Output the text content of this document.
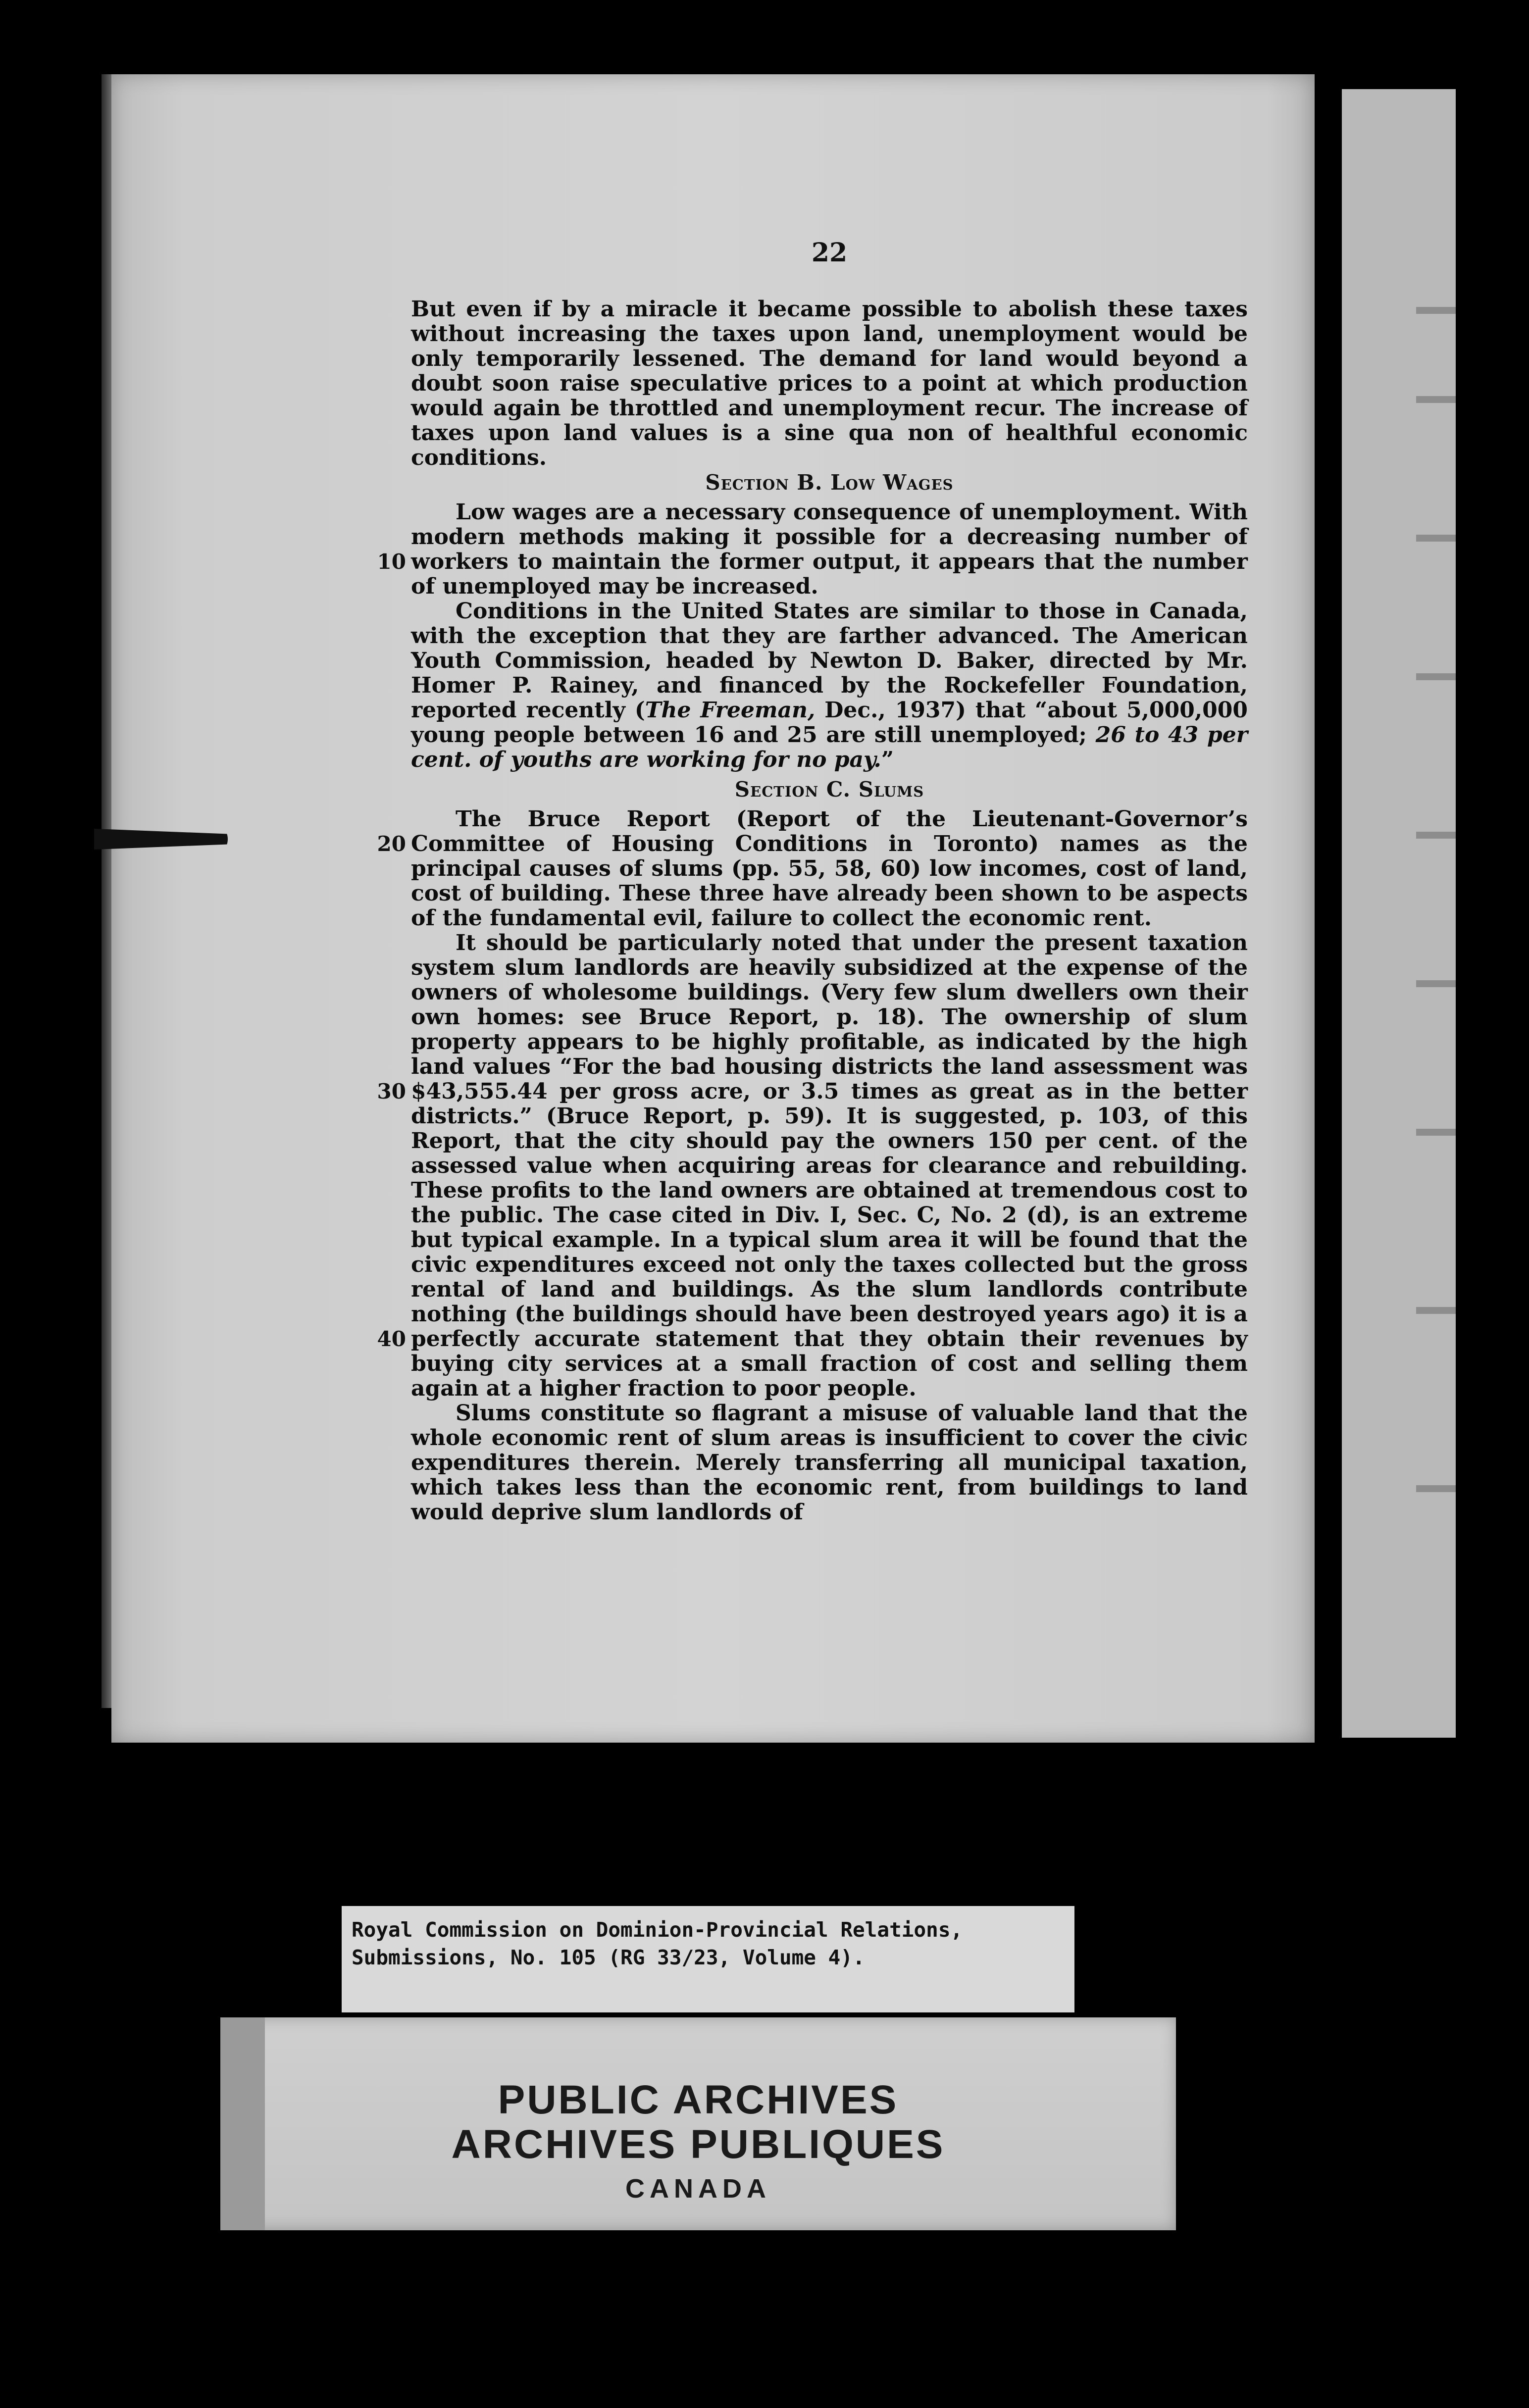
22

But even if by a miracle it became possible to abolish these taxes without increasing the taxes upon land, unemployment would be only temporarily lessened. The demand for land would beyond a doubt soon raise speculative prices to a point at which production would again be throttled and unemployment recur. The increase of taxes upon land values is a sine qua non of healthful economic conditions.

Section B. Low Wages

Low wages are a necessary consequence of unemployment. With modern methods making it possible for a decreasing number of workers to maintain the former output, it appears that the number of unemployed may be increased.

Conditions in the United States are similar to those in Canada, with the exception that they are farther advanced. The American Youth Commission, headed by Newton D. Baker, directed by Mr. Homer P. Rainey, and financed by the Rockefeller Foundation, reported recently (The Freeman, Dec., 1937) that “about 5,000,000 young people between 16 and 25 are still unemployed; 26 to 43 per cent. of youths are working for no pay.”

Section C. Slums

The Bruce Report (Report of the Lieutenant-Governor’s Committee of Housing Conditions in Toronto) names as the principal causes of slums (pp. 55, 58, 60) low incomes, cost of land, cost of building. These three have already been shown to be aspects of the fundamental evil, failure to collect the economic rent.

It should be particularly noted that under the present taxation system slum landlords are heavily subsidized at the expense of the owners of wholesome buildings. (Very few slum dwellers own their own homes: see Bruce Report, p. 18). The ownership of slum property appears to be highly profitable, as indicated by the high land values “For the bad housing districts the land assessment was $43,555.44 per gross acre, or 3.5 times as great as in the better districts.” (Bruce Report, p. 59). It is suggested, p. 103, of this Report, that the city should pay the owners 150 per cent. of the assessed value when acquiring areas for clearance and rebuilding. These profits to the land owners are obtained at tremendous cost to the public. The case cited in Div. I, Sec. C, No. 2 (d), is an extreme but typical example. In a typical slum area it will be found that the civic expenditures exceed not only the taxes collected but the gross rental of land and buildings. As the slum landlords contribute nothing (the buildings should have been destroyed years ago) it is a perfectly accurate statement that they obtain their revenues by buying city services at a small fraction of cost and selling them again at a higher fraction to poor people.

Slums constitute so flagrant a misuse of valuable land that the whole economic rent of slum areas is insufficient to cover the civic expenditures therein. Merely transferring all municipal taxation, which takes less than the economic rent, from buildings to land would deprive slum landlords of

10
20
30
40
Royal Commission on Dominion-Provincial Relations,
Submissions, No. 105 (RG 33/23, Volume 4).
PUBLIC ARCHIVES
ARCHIVES PUBLIQUES
CANADA
